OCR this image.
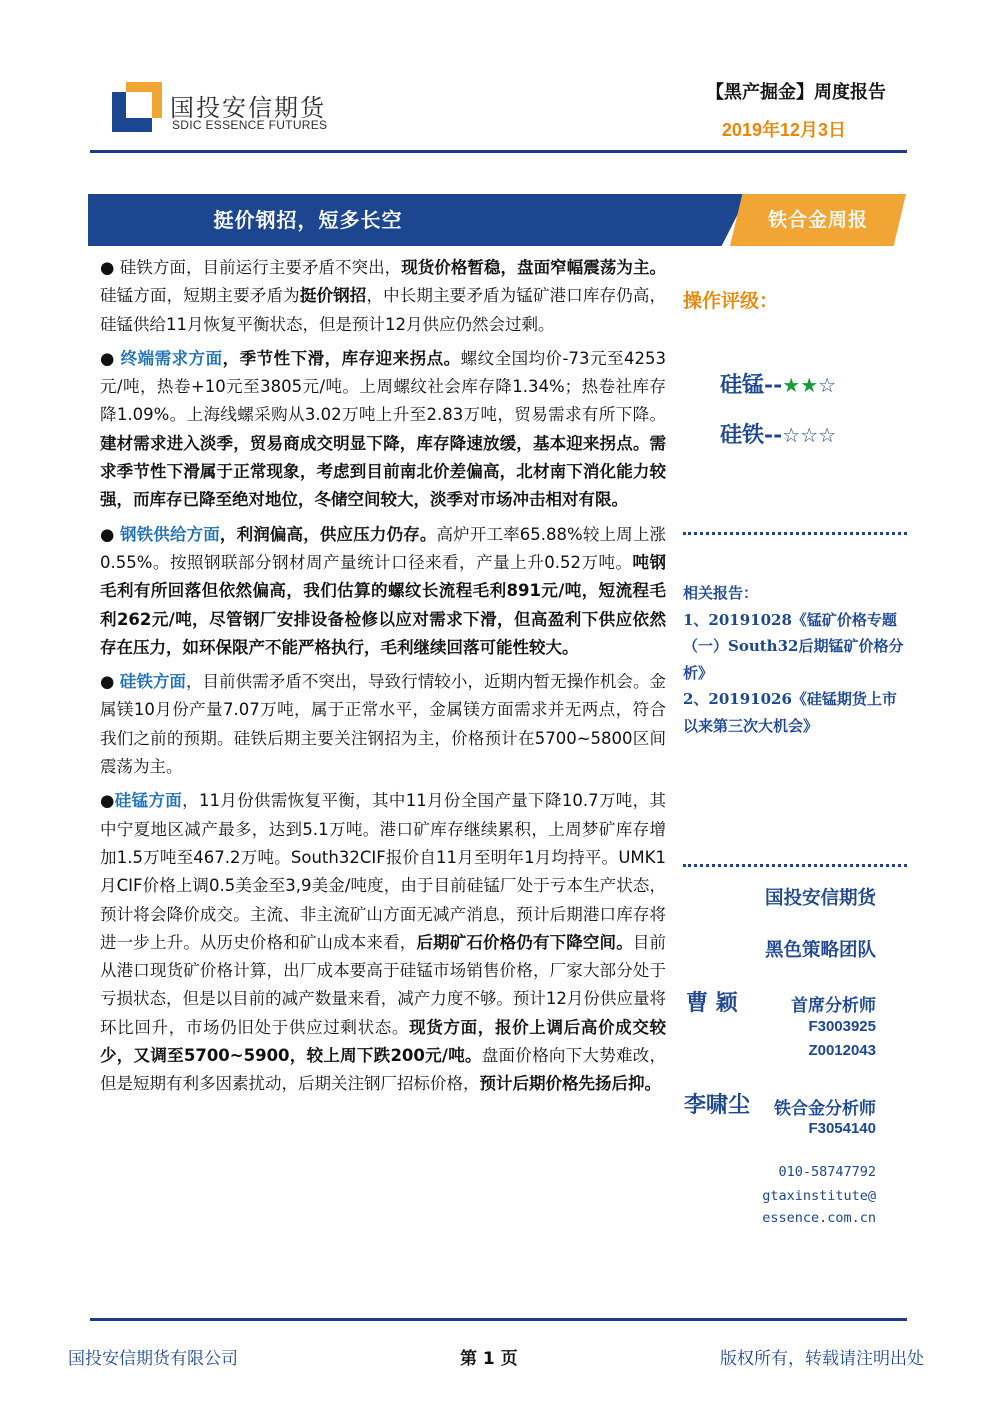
国投安信期货
SDIC ESSENCE FUTURES
【黑产掘金】周度报告
2019年12月3日
挺价钢招，短多长空	铁合金周报

● 硅铁方面，目前运行主要矛盾不突出，现货价格暂稳，盘面窄幅震荡为主。硅锰方面，短期主要矛盾为挺价钢招，中长期主要矛盾为锰矿港口库存仍高，硅锰供给11月恢复平衡状态，但是预计12月供应仍然会过剩。

● 终端需求方面，季节性下滑，库存迎来拐点。螺纹全国均价-73元至4253元/吨，热卷+10元至3805元/吨。上周螺纹社会库存降1.34%；热卷社库存降1.09%。上海线螺采购从3.02万吨上升至2.83万吨，贸易需求有所下降。建材需求进入淡季，贸易商成交明显下降，库存降速放缓，基本迎来拐点。需求季节性下滑属于正常现象，考虑到目前南北价差偏高，北材南下消化能力较强，而库存已降至绝对地位，冬储空间较大，淡季对市场冲击相对有限。

● 钢铁供给方面，利润偏高，供应压力仍存。高炉开工率65.88%较上周上涨0.55%。按照钢联部分钢材周产量统计口径来看，产量上升0.52万吨。吨钢毛利有所回落但依然偏高，我们估算的螺纹长流程毛利891元/吨，短流程毛利262元/吨，尽管钢厂安排设备检修以应对需求下滑，但高盈利下供应依然存在压力，如环保限产不能严格执行，毛利继续回落可能性较大。

● 硅铁方面，目前供需矛盾不突出，导致行情较小，近期内暂无操作机会。金属镁10月份产量7.07万吨，属于正常水平，金属镁方面需求并无两点，符合我们之前的预期。硅铁后期主要关注钢招为主，价格预计在5700~5800区间震荡为主。

●硅锰方面，11月份供需恢复平衡，其中11月份全国产量下降10.7万吨，其中宁夏地区减产最多，达到5.1万吨。港口矿库存继续累积，上周梦矿库存增加1.5万吨至467.2万吨。South32CIF报价自11月至明年1月均持平。UMK1月CIF价格上调0.5美金至3,9美金/吨度，由于目前硅锰厂处于亏本生产状态，预计将会降价成交。主流、非主流矿山方面无减产消息，预计后期港口库存将进一步上升。从历史价格和矿山成本来看，后期矿石价格仍有下降空间。目前从港口现货矿价格计算，出厂成本要高于硅锰市场销售价格，厂家大部分处于亏损状态，但是以目前的减产数量来看，减产力度不够。预计12月份供应量将环比回升，市场仍旧处于供应过剩状态。现货方面，报价上调后高价成交较少，又调至5700~5900，较上周下跌200元/吨。盘面价格向下大势难改，但是短期有利多因素扰动，后期关注钢厂招标价格，预计后期价格先扬后抑。

操作评级：
硅锰--★★☆
硅铁--☆☆☆
相关报告：
1、20191028《锰矿价格专题（一）South32后期锰矿价格分析》
2、20191026《硅锰期货上市以来第三次大机会》
国投安信期货
黑色策略团队
曹 颖	首席分析师
F3003925
Z0012043
李啸尘 铁合金分析师
F3054140
010-58747792
gtaxinstitute@
essence.com.cn
国投安信期货有限公司	第 1 页	版权所有，转载请注明出处
